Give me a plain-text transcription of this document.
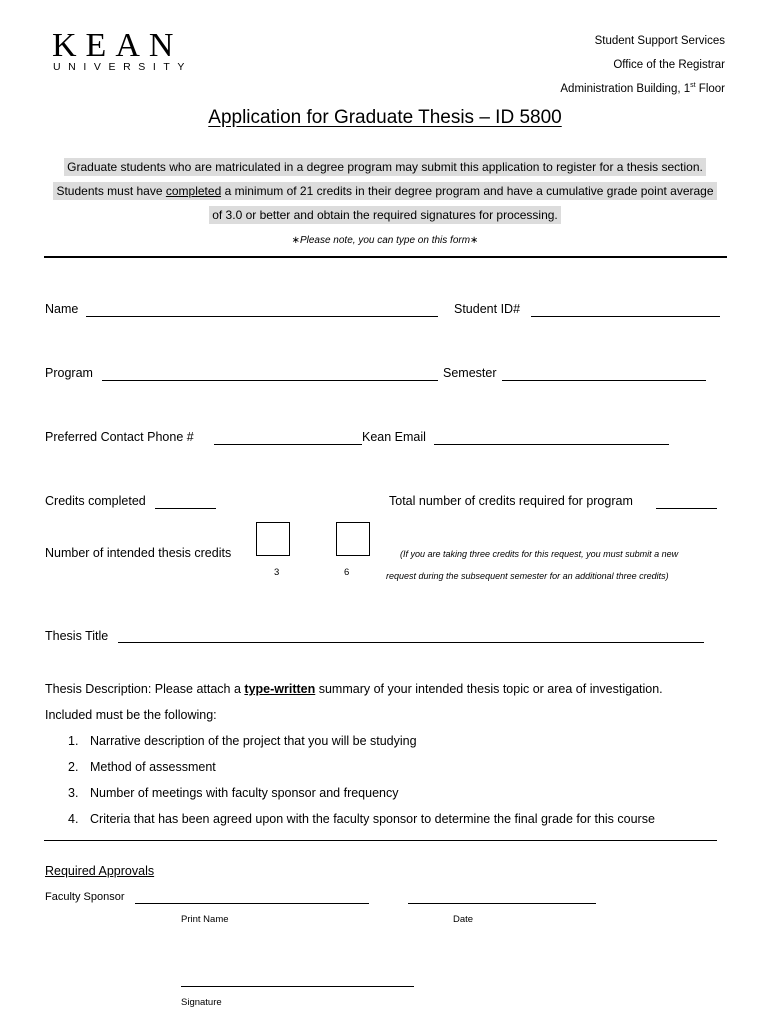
KEAN
UNIVERSITY
Student Support Services
Office of the Registrar
Administration Building, 1st Floor
Application for Graduate Thesis – ID 5800
Graduate students who are matriculated in a degree program may submit this application to register for a thesis section.
Students must have completed a minimum of 21 credits in their degree program and have a cumulative grade point average
of 3.0 or better and obtain the required signatures for processing.
∗Please note, you can type on this form∗
Name	Student ID#
Program	Semester
Preferred Contact Phone #	Kean Email
Credits completed	Total number of credits required for program
Number of intended thesis credits
3	6
(If you are taking three credits for this request, you must submit a new
request during the subsequent semester for an additional three credits)
Thesis Title
Thesis Description: Please attach a type-written summary of your intended thesis topic or area of investigation.
Included must be the following:
1. Narrative description of the project that you will be studying
2. Method of assessment
3. Number of meetings with faculty sponsor and frequency
4. Criteria that has been agreed upon with the faculty sponsor to determine the final grade for this course
Required Approvals
Faculty Sponsor
Print Name	Date
Signature
